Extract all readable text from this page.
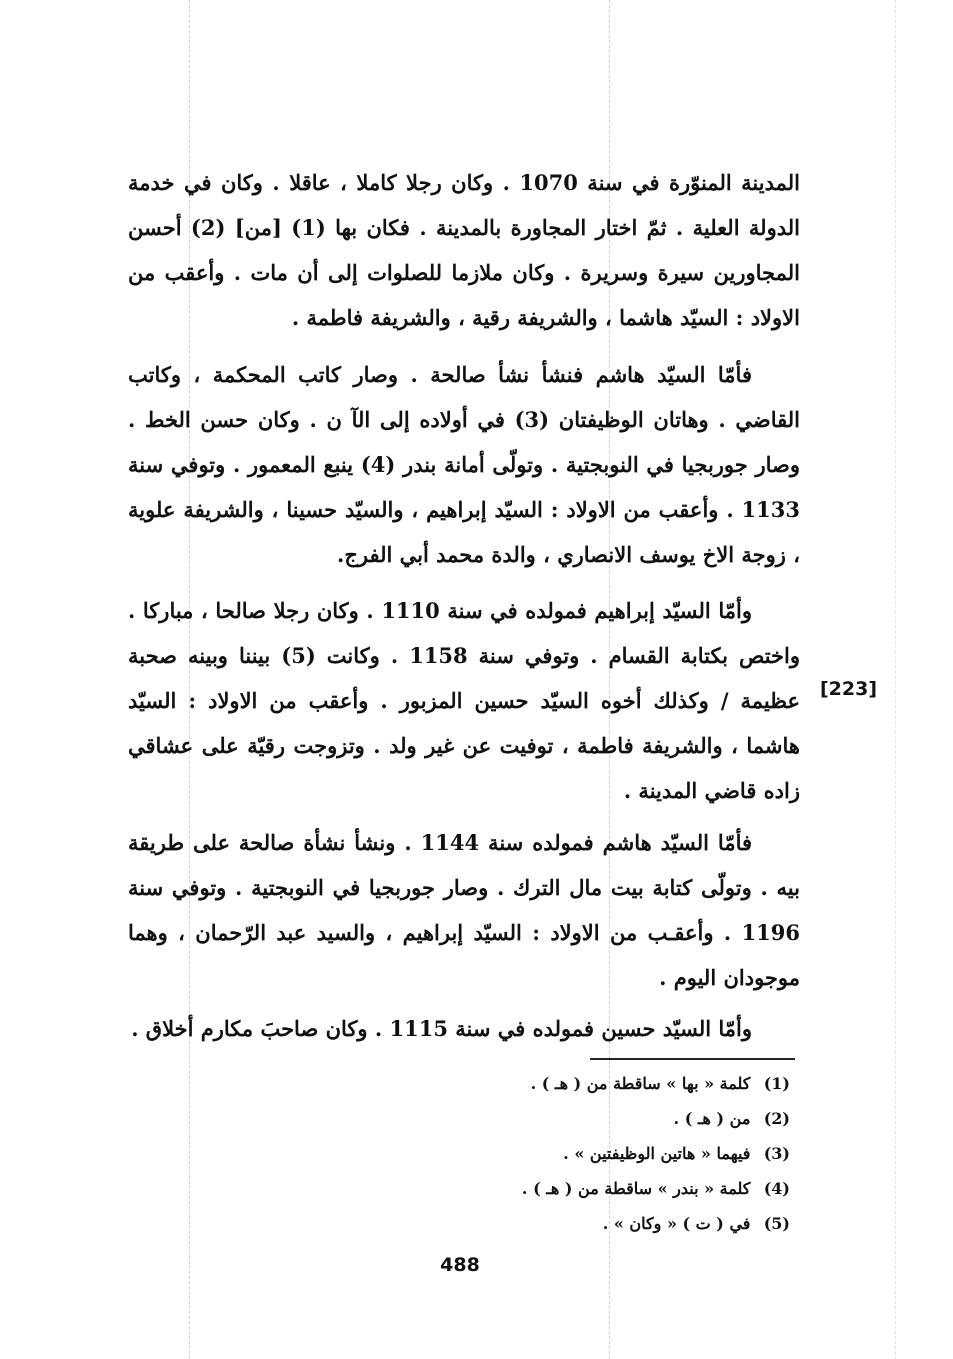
المدينة المنوّرة في سنة 1070 . وكان رجلا كاملا ، عاقلا . وكان في خدمة الدولة العلية . ثمّ اختار المجاورة بالمدينة . فكان بها (1) [من] (2) أحسن المجاورين سيرة وسريرة . وكان ملازما للصلوات إلى أن مات . وأعقب من الاولاد : السيّد هاشما ، والشريفة رقية ، والشريفة فاطمة .
فأمّا السيّد هاشم فنشأ نشأ صالحة . وصار كاتب المحكمة ، وكاتب القاضي . وهاتان الوظيفتان (3) في أولاده إلى الآ ن . وكان حسن الخط . وصار جوربجيا في النوبجتية . وتولّى أمانة بندر (4) ينبع المعمور . وتوفي سنة 1133 . وأعقب من الاولاد : السيّد إبراهيم ، والسيّد حسينا ، والشريفة علوية ، زوجة الاخ يوسف الانصاري ، والدة محمد أبي الفرج.
وأمّا السيّد إبراهيم فمولده في سنة 1110 . وكان رجلا صالحا ، مباركا . واختص بكتابة القسام . وتوفي سنة 1158 . وكانت (5) بيننا وبينه صحبة عظيمة / وكذلك أخوه السيّد حسين المزبور . وأعقب من الاولاد : السيّد هاشما ، والشريفة فاطمة ، توفيت عن غير ولد . وتزوجت رقيّة على عشاقي زاده قاضي المدينة .
فأمّا السيّد هاشم فمولده سنة 1144 . ونشأ نشأة صالحة على طريقة بيه . وتولّى كتابة بيت مال الترك . وصار جوربجيا في النوبجتية . وتوفي سنة 1196 . وأعقـب من الاولاد : السيّد إبراهيم ، والسيد عبد الرّحمان ، وهما موجودان اليوم .
وأمّا السيّد حسين فمولده في سنة 1115 . وكان صاحبَ مكارم أخلاق .
[223]
(1) كلمة « بها » ساقطة من ( هـ ) .
(2) من ( هـ ) .
(3) فيهما « هاتين الوظيفتين » .
(4) كلمة « بندر » ساقطة من ( هـ ) .
(5) في ( ت ) « وكان » .
488
